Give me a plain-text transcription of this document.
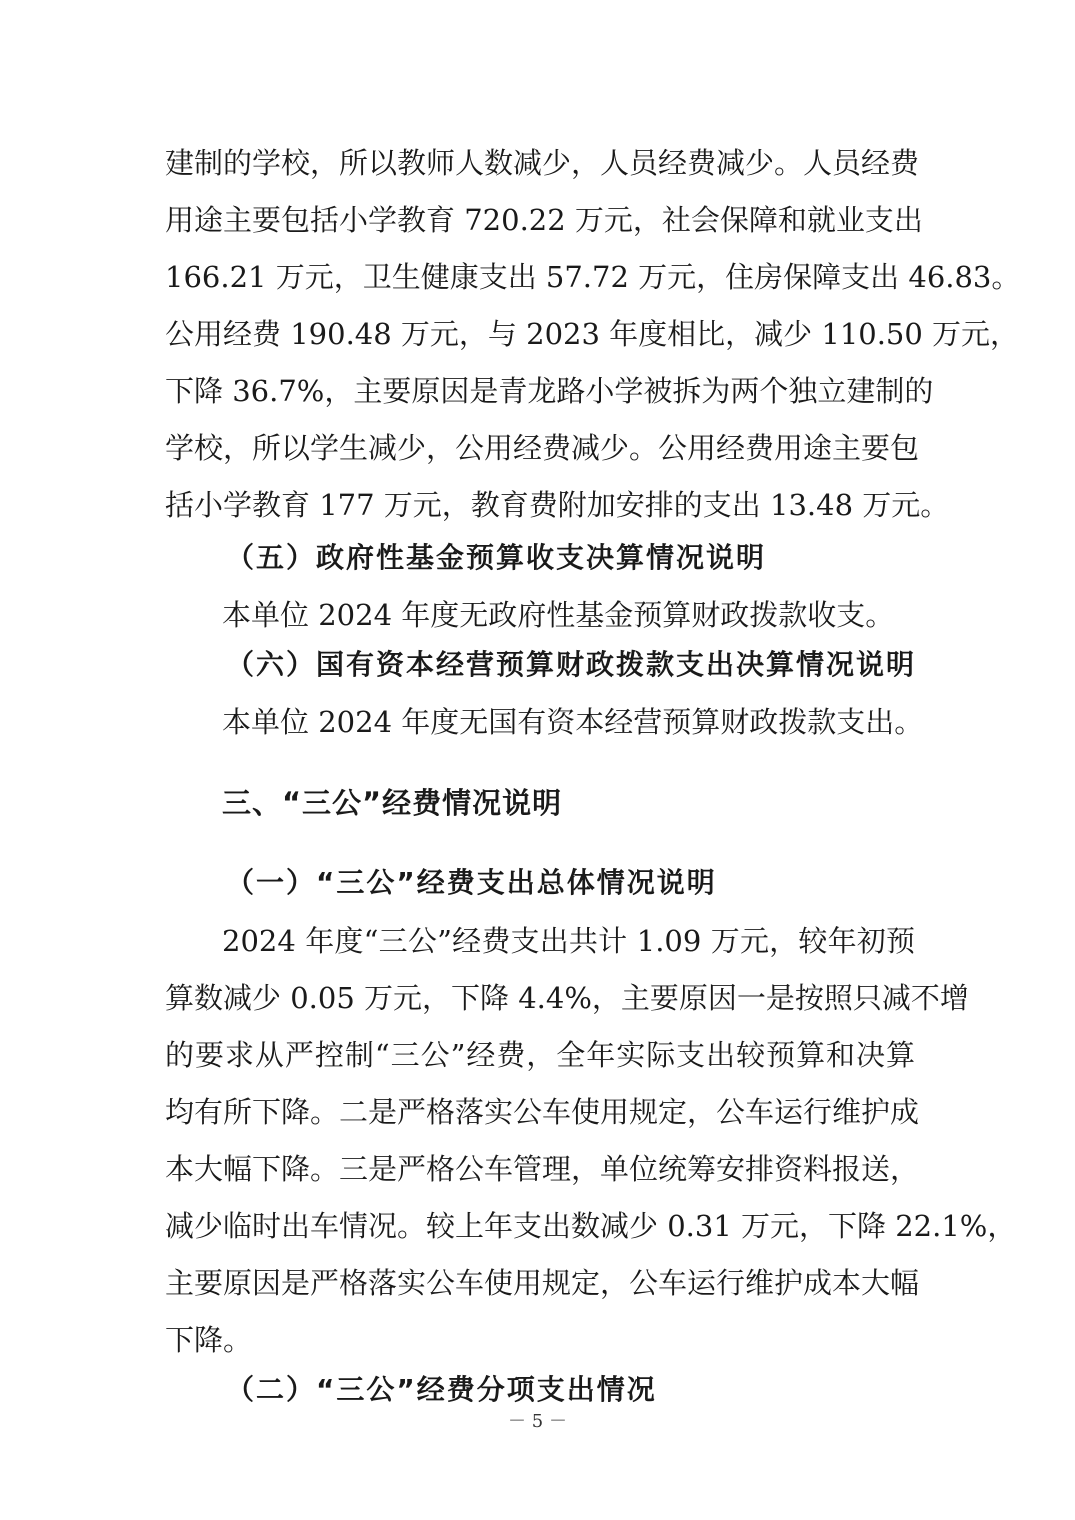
建制的学校，所以教师人数减少，人员经费减少。人员经费
用途主要包括小学教育 720.22 万元，社会保障和就业支出
166.21 万元，卫生健康支出 57.72 万元，住房保障支出 46.83。
公用经费 190.48 万元，与 2023 年度相比，减少 110.50 万元，
下降 36.7%，主要原因是青龙路小学被拆为两个独立建制的
学校，所以学生减少，公用经费减少。公用经费用途主要包
括小学教育 177 万元，教育费附加安排的支出 13.48 万元。
（五）政府性基金预算收支决算情况说明
本单位 2024 年度无政府性基金预算财政拨款收支。
（六）国有资本经营预算财政拨款支出决算情况说明
本单位 2024 年度无国有资本经营预算财政拨款支出。
三、“三公”经费情况说明
（一）“三公”经费支出总体情况说明
2024 年度“三公”经费支出共计 1.09 万元，较年初预
算数减少 0.05 万元，下降 4.4%，主要原因一是按照只减不增
的要求从严控制“三公”经费，全年实际支出较预算和决算
均有所下降。二是严格落实公车使用规定，公车运行维护成
本大幅下降。三是严格公车管理，单位统筹安排资料报送，
减少临时出车情况。较上年支出数减少 0.31 万元，下降 22.1%，
主要原因是严格落实公车使用规定，公车运行维护成本大幅
下降。
（二）“三公”经费分项支出情况
－ 5 －
